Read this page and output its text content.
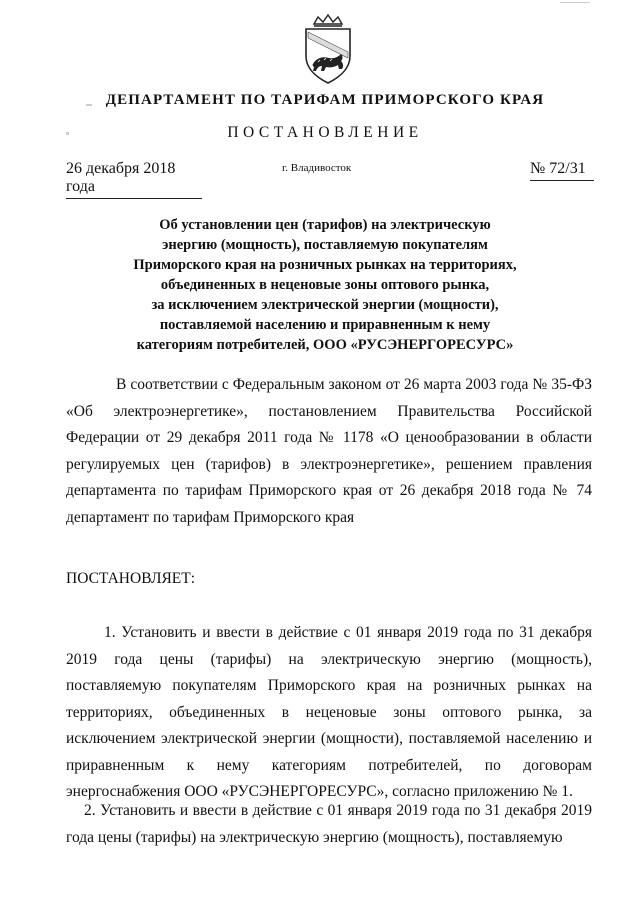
ДЕПАРТАМЕНТ ПО ТАРИФАМ ПРИМОРСКОГО КРАЯ
ПОСТАНОВЛЕНИЕ
26 декабря 2018 года
г. Владивосток	№ 72/31
Об установлении цен (тарифов) на электрическую
энергию (мощность), поставляемую покупателям
Приморского края на розничных рынках на территориях,
объединенных в неценовые зоны оптового рынка,
за исключением электрической энергии (мощности),
поставляемой населению и приравненным к нему
категориям потребителей, ООО «РУСЭНЕРГОРЕСУРС»
В соответствии с Федеральным законом от 26 марта 2003 года № 35-ФЗ «Об электроэнергетике», постановлением Правительства Российской Федерации от 29 декабря 2011 года № 1178 «О ценообразовании в области регулируемых цен (тарифов) в электроэнергетике», решением правления департамента по тарифам Приморского края от 26 декабря 2018 года № 74 департамент по тарифам Приморского края
ПОСТАНОВЛЯЕТ:
1. Установить и ввести в действие с 01 января 2019 года по 31 декабря 2019 года цены (тарифы) на электрическую энергию (мощность), поставляемую покупателям Приморского края на розничных рынках на территориях, объединенных в неценовые зоны оптового рынка, за исключением электрической энергии (мощности), поставляемой населению и приравненным к нему категориям потребителей, по договорам энергоснабжения ООО «РУСЭНЕРГОРЕСУРС», согласно приложению № 1.
2. Установить и ввести в действие с 01 января 2019 года по 31 декабря 2019 года цены (тарифы) на электрическую энергию (мощность), поставляемую
